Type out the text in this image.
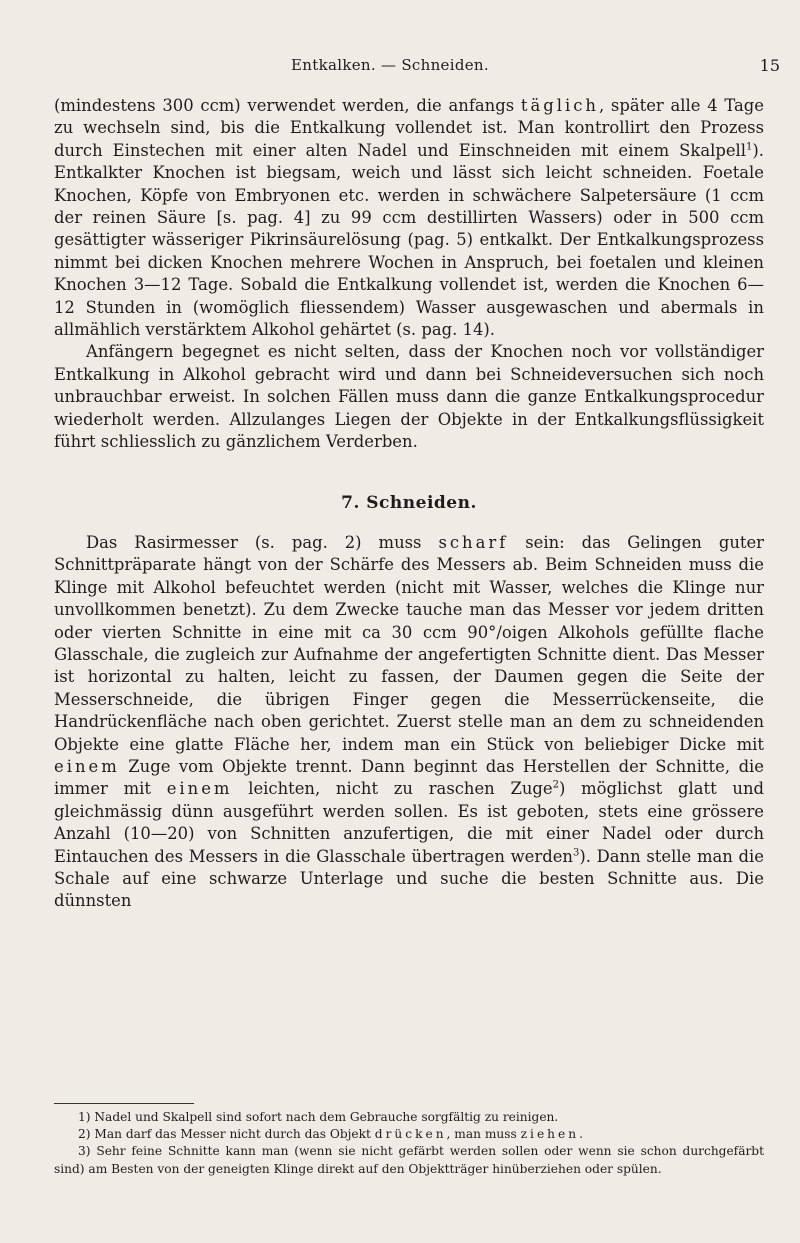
Entkalken. — Schneiden.	15

(mindestens 300 ccm) verwendet werden, die anfangs täglich, später alle 4 Tage zu wechseln sind, bis die Entkalkung vollendet ist. Man kontrollirt den Prozess durch Einstechen mit einer alten Nadel und Einschneiden mit einem Skalpell$^1$). Entkalkter Knochen ist biegsam, weich und lässt sich leicht schneiden. Foetale Knochen, Köpfe von Embryonen etc. werden in schwächere Salpetersäure (1 ccm der reinen Säure [s. pag. 4] zu 99 ccm destillirten Wassers) oder in 500 ccm gesättigter wässeriger Pikrinsäurelösung (pag. 5) entkalkt. Der Entkalkungsprozess nimmt bei dicken Knochen mehrere Wochen in Anspruch, bei foetalen und kleinen Knochen 3—12 Tage. Sobald die Entkalkung vollendet ist, werden die Knochen 6—12 Stunden in (womöglich fliessendem) Wasser ausgewaschen und abermals in allmählich verstärktem Alkohol gehärtet (s. pag. 14).

Anfängern begegnet es nicht selten, dass der Knochen noch vor vollständiger Entkalkung in Alkohol gebracht wird und dann bei Schneideversuchen sich noch unbrauchbar erweist. In solchen Fällen muss dann die ganze Entkalkungsprocedur wiederholt werden. Allzulanges Liegen der Objekte in der Entkalkungsflüssigkeit führt schliesslich zu gänzlichem Verderben.

7. Schneiden.

Das Rasirmesser (s. pag. 2) muss scharf sein: das Gelingen guter Schnittpräparate hängt von der Schärfe des Messers ab. Beim Schneiden muss die Klinge mit Alkohol befeuchtet werden (nicht mit Wasser, welches die Klinge nur unvollkommen benetzt). Zu dem Zwecke tauche man das Messer vor jedem dritten oder vierten Schnitte in eine mit ca 30 ccm 90°/oigen Alkohols gefüllte flache Glasschale, die zugleich zur Aufnahme der angefertigten Schnitte dient. Das Messer ist horizontal zu halten, leicht zu fassen, der Daumen gegen die Seite der Messerschneide, die übrigen Finger gegen die Messerrückenseite, die Handrückenfläche nach oben gerichtet. Zuerst stelle man an dem zu schneidenden Objekte eine glatte Fläche her, indem man ein Stück von beliebiger Dicke mit einem Zuge vom Objekte trennt. Dann beginnt das Herstellen der Schnitte, die immer mit einem leichten, nicht zu raschen Zuge$^2$) möglichst glatt und gleichmässig dünn ausgeführt werden sollen. Es ist geboten, stets eine grössere Anzahl (10—20) von Schnitten anzufertigen, die mit einer Nadel oder durch Eintauchen des Messers in die Glasschale übertragen werden$^3$). Dann stelle man die Schale auf eine schwarze Unterlage und suche die besten Schnitte aus. Die dünnsten

1) Nadel und Skalpell sind sofort nach dem Gebrauche sorgfältig zu reinigen.

2) Man darf das Messer nicht durch das Objekt drücken, man muss ziehen.

3) Sehr feine Schnitte kann man (wenn sie nicht gefärbt werden sollen oder wenn sie schon durchgefärbt sind) am Besten von der geneigten Klinge direkt auf den Objektträger hinüberziehen oder spülen.
